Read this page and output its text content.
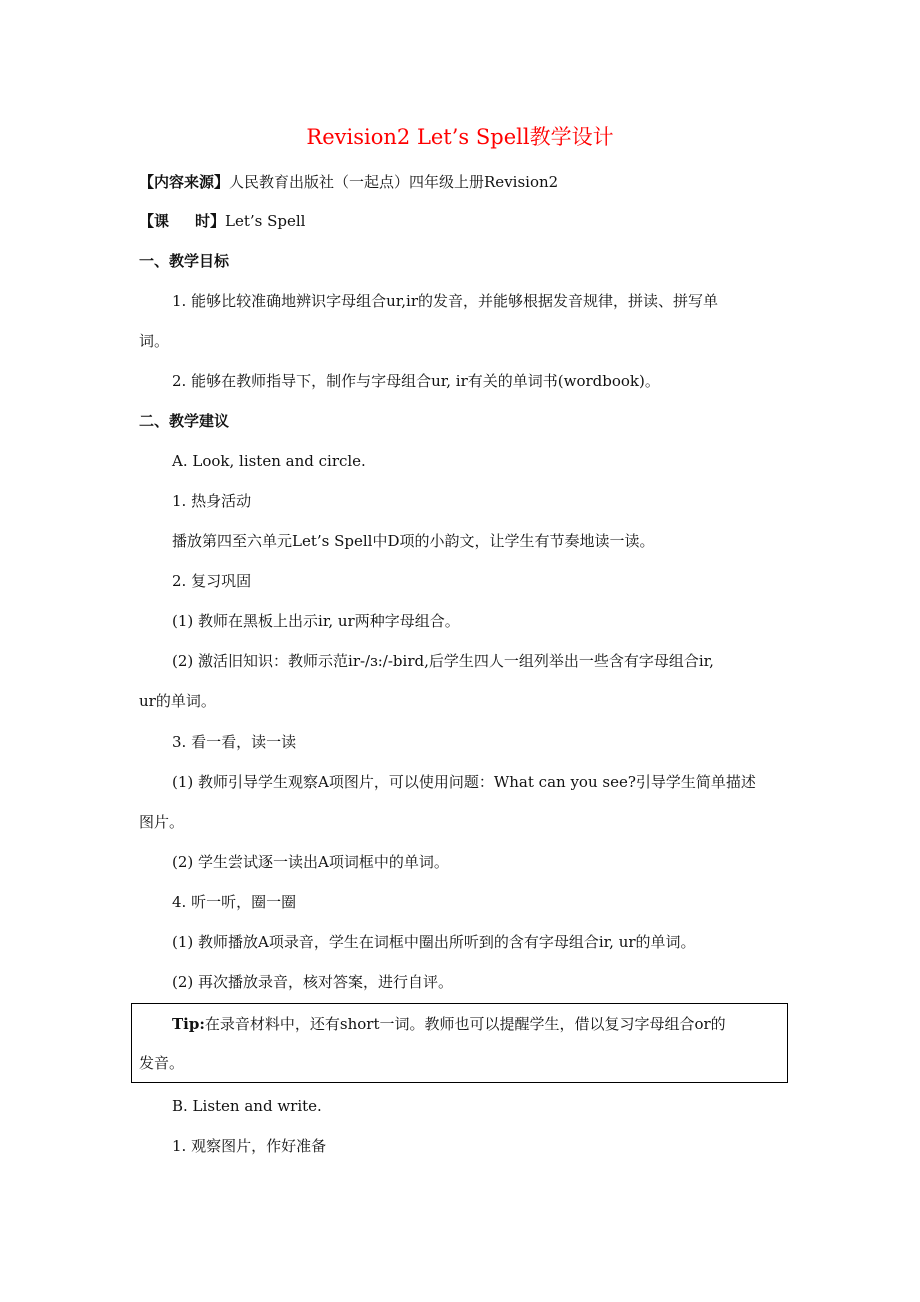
Revision2 Let’s Spell教学设计
【内容来源】人民教育出版社（一起点）四年级上册Revision2
【课 时】Let’s Spell
一、教学目标
1. 能够比较准确地辨识字母组合ur,ir的发音，并能够根据发音规律，拼读、拼写单
词。
2. 能够在教师指导下，制作与字母组合ur, ir有关的单词书(wordbook)。
二、教学建议
A. Look, listen and circle.
1. 热身活动
播放第四至六单元Let’s Spell中D项的小韵文，让学生有节奏地读一读。
2. 复习巩固
(1) 教师在黑板上出示ir, ur两种字母组合。
(2) 激活旧知识：教师示范ir-/ɜ:/-bird,后学生四人一组列举出一些含有字母组合ir,
ur的单词。
3. 看一看，读一读
(1) 教师引导学生观察A项图片，可以使用问题：What can you see?引导学生简单描述
图片。
(2) 学生尝试逐一读出A项词框中的单词。
4. 听一听，圈一圈
(1) 教师播放A项录音，学生在词框中圈出所听到的含有字母组合ir, ur的单词。
(2) 再次播放录音，核对答案，进行自评。
Tip:在录音材料中，还有short一词。教师也可以提醒学生，借以复习字母组合or的
发音。
B. Listen and write.
1. 观察图片，作好准备
